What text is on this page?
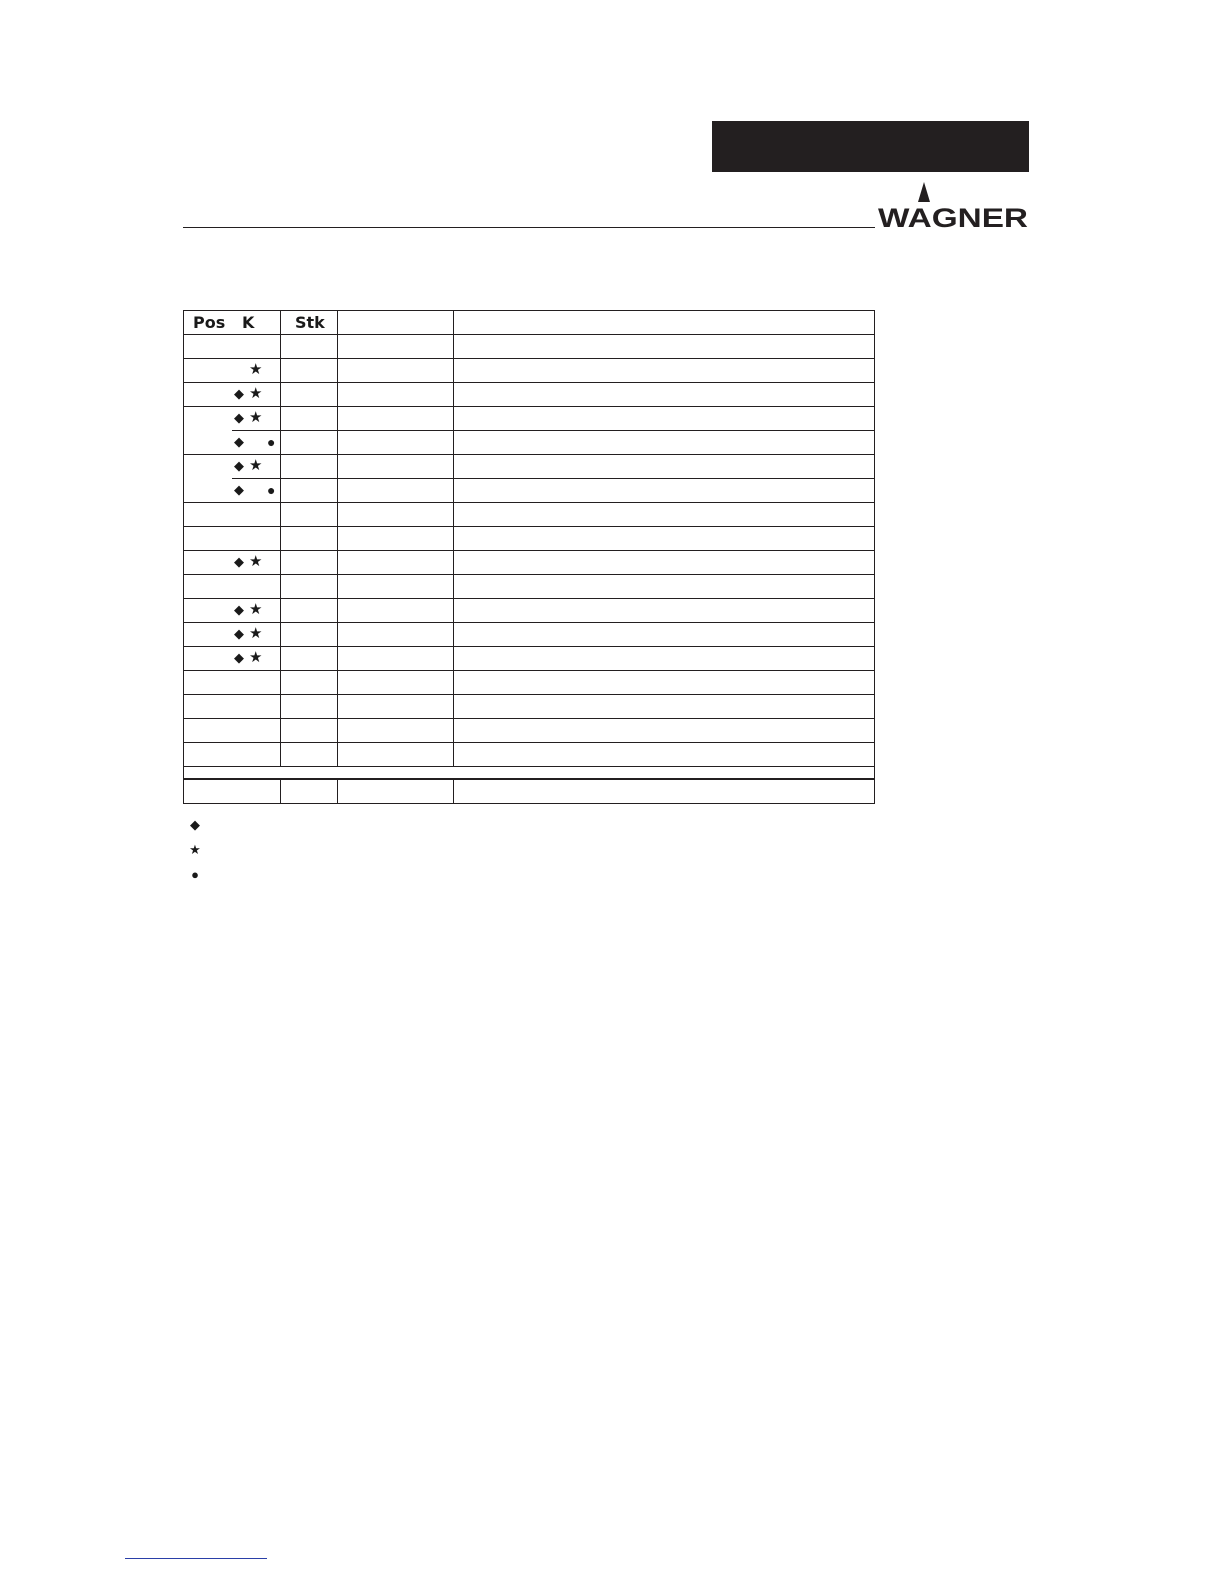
WAGNER
Pos K	Stk
★
◆ ★
◆ ★
◆ ●
◆ ★
◆ ●
◆ ★
◆ ★
◆ ★
◆ ★
◆
★
●
